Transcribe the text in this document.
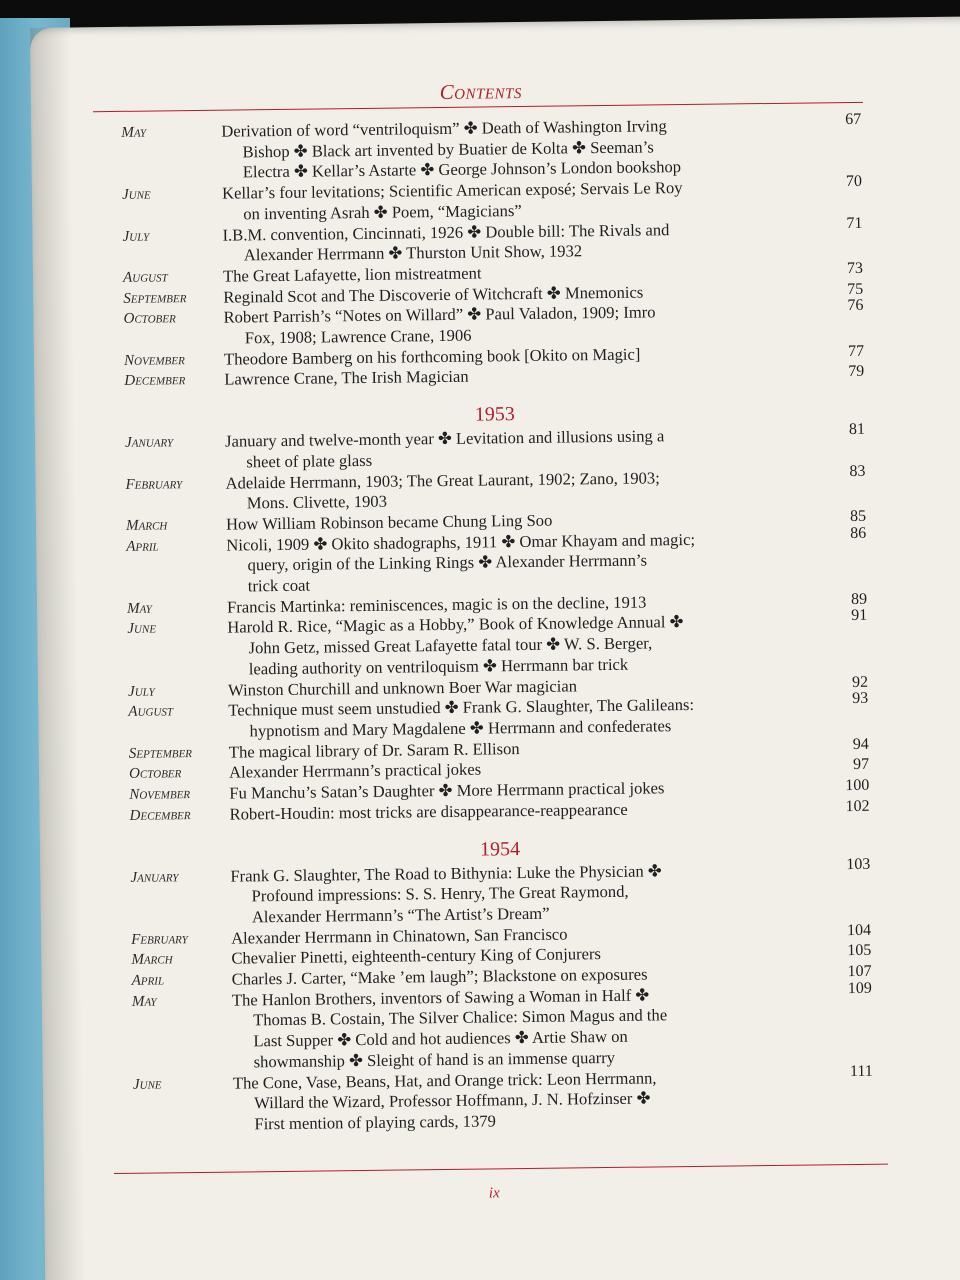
Contents
May	Derivation of word “ventriloquism” ✤ Death of Washington Irving
Bishop ✤ Black art invented by Buatier de Kolta ✤ Seeman’s
Electra ✤ Kellar’s Astarte ✤ George Johnson’s London bookshop
67
June	Kellar’s four levitations; Scientific American exposé; Servais Le Roy
on inventing Asrah ✤ Poem, “Magicians”
70
July	I.B.M. convention, Cincinnati, 1926 ✤ Double bill: The Rivals and
Alexander Herrmann ✤ Thurston Unit Show, 1932
71
August	The Great Lafayette, lion mistreatment	73
September	Reginald Scot and The Discoverie of Witchcraft ✤ Mnemonics	75
October	Robert Parrish’s “Notes on Willard” ✤ Paul Valadon, 1909; Imro
Fox, 1908; Lawrence Crane, 1906
76
November	Theodore Bamberg on his forthcoming book [Okito on Magic]	77
December	Lawrence Crane, The Irish Magician	79
1953
January	January and twelve-month year ✤ Levitation and illusions using a
sheet of plate glass
81
February	Adelaide Herrmann, 1903; The Great Laurant, 1902; Zano, 1903;
Mons. Clivette, 1903
83
March	How William Robinson became Chung Ling Soo	85
April	Nicoli, 1909 ✤ Okito shadographs, 1911 ✤ Omar Khayam and magic;
query, origin of the Linking Rings ✤ Alexander Herrmann’s
trick coat
86
May	Francis Martinka: reminiscences, magic is on the decline, 1913	89
June	Harold R. Rice, “Magic as a Hobby,” Book of Knowledge Annual ✤
John Getz, missed Great Lafayette fatal tour ✤ W. S. Berger,
leading authority on ventriloquism ✤ Herrmann bar trick
91
July	Winston Churchill and unknown Boer War magician	92
August	Technique must seem unstudied ✤ Frank G. Slaughter, The Galileans:
hypnotism and Mary Magdalene ✤ Herrmann and confederates
93
September	The magical library of Dr. Saram R. Ellison	94
October	Alexander Herrmann’s practical jokes	97
November	Fu Manchu’s Satan’s Daughter ✤ More Herrmann practical jokes	100
December	Robert-Houdin: most tricks are disappearance-reappearance	102
1954
January	Frank G. Slaughter, The Road to Bithynia: Luke the Physician ✤
Profound impressions: S. S. Henry, The Great Raymond,
Alexander Herrmann’s “The Artist’s Dream”
103
February	Alexander Herrmann in Chinatown, San Francisco	104
March	Chevalier Pinetti, eighteenth-century King of Conjurers	105
April	Charles J. Carter, “Make ’em laugh”; Blackstone on exposures	107
May	The Hanlon Brothers, inventors of Sawing a Woman in Half ✤
Thomas B. Costain, The Silver Chalice: Simon Magus and the
Last Supper ✤ Cold and hot audiences ✤ Artie Shaw on
showmanship ✤ Sleight of hand is an immense quarry
109
June	The Cone, Vase, Beans, Hat, and Orange trick: Leon Herrmann,
Willard the Wizard, Professor Hoffmann, J. N. Hofzinser ✤
First mention of playing cards, 1379
111
ix
